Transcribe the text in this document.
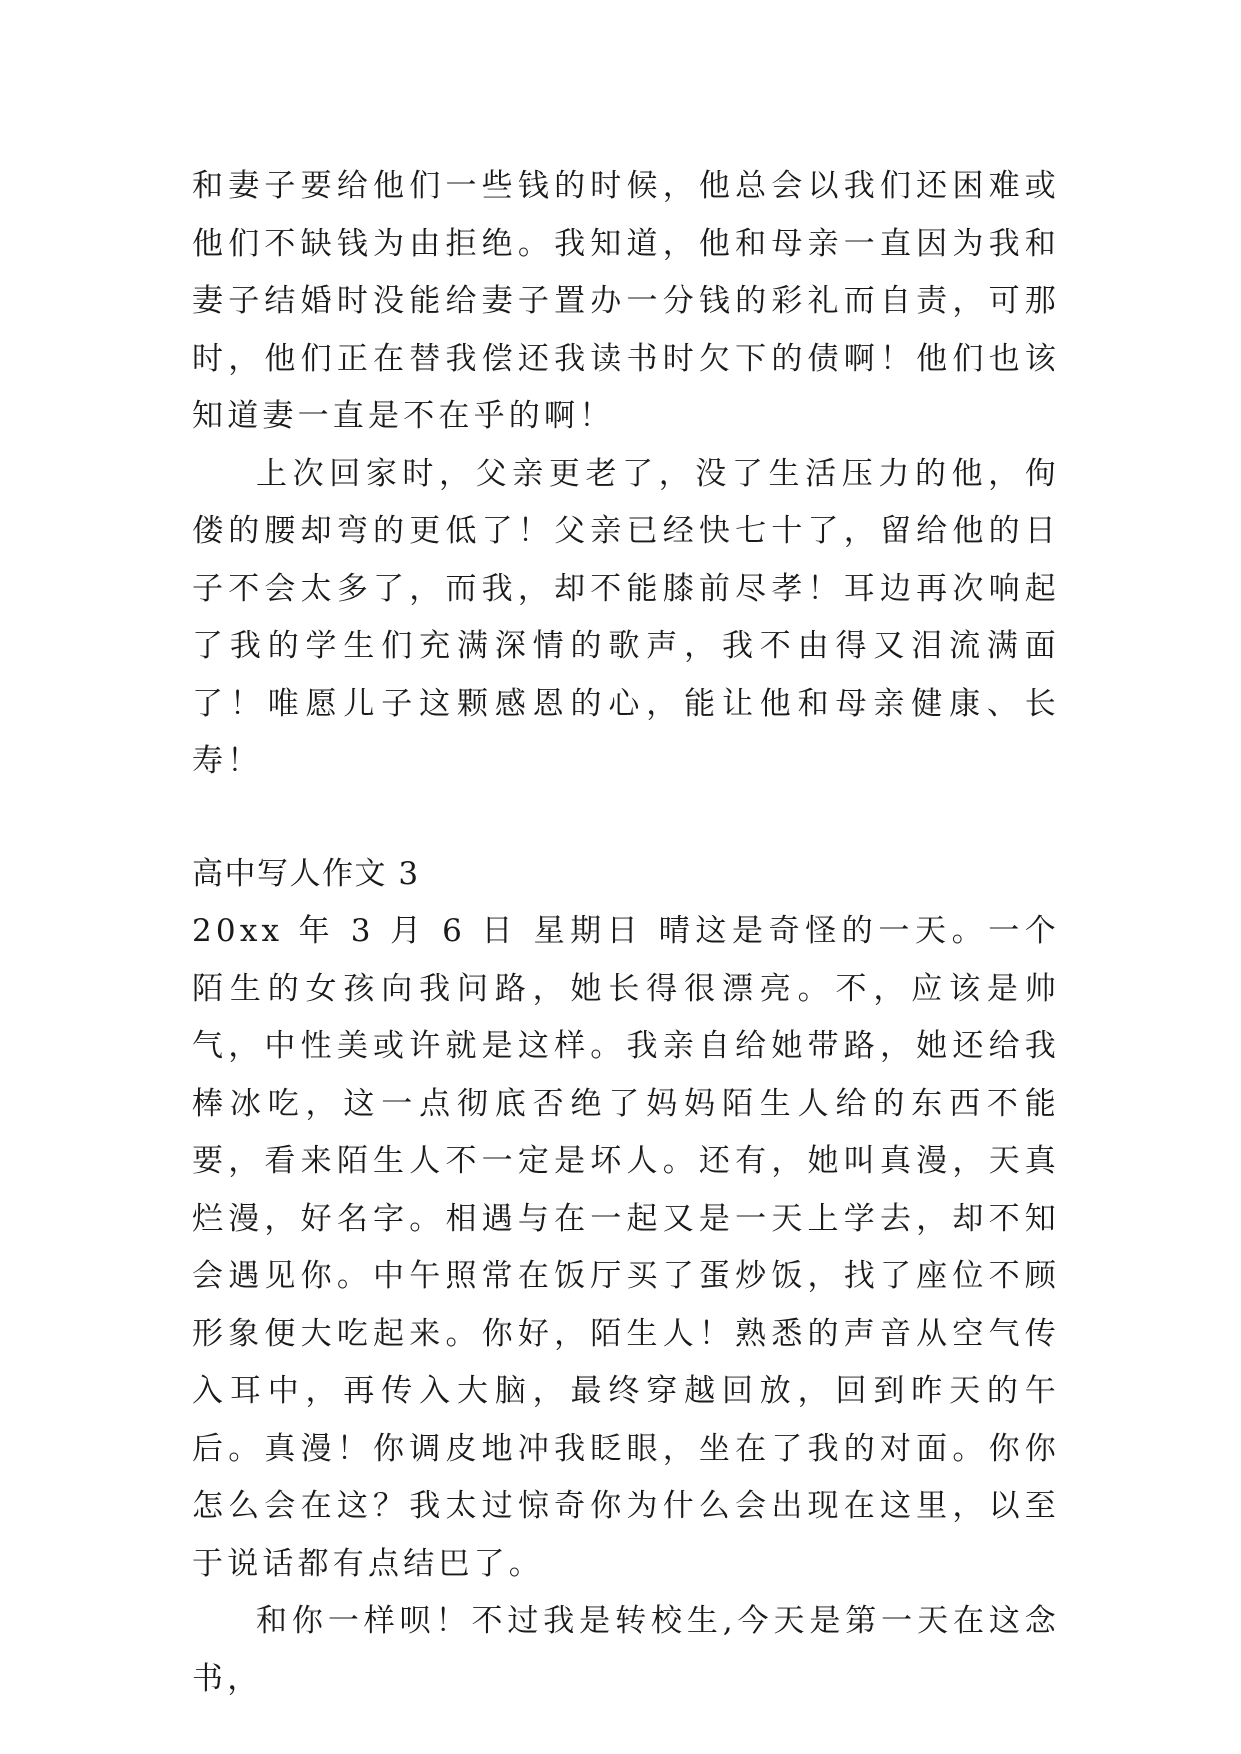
和妻子要给他们一些钱的时候，他总会以我们还困难或他们不缺钱为由拒绝。我知道，他和母亲一直因为我和妻子结婚时没能给妻子置办一分钱的彩礼而自责，可那时，他们正在替我偿还我读书时欠下的债啊！他们也该知道妻一直是不在乎的啊！

上次回家时，父亲更老了，没了生活压力的他，佝偻的腰却弯的更低了！父亲已经快七十了，留给他的日子不会太多了，而我，却不能膝前尽孝！耳边再次响起了我的学生们充满深情的歌声，我不由得又泪流满面了！唯愿儿子这颗感恩的心，能让他和母亲健康、长寿！

高中写人作文 3

20xx 年 3 月 6 日 星期日 晴这是奇怪的一天。一个陌生的女孩向我问路，她长得很漂亮。不，应该是帅气，中性美或许就是这样。我亲自给她带路，她还给我棒冰吃，这一点彻底否绝了妈妈陌生人给的东西不能要，看来陌生人不一定是坏人。还有，她叫真漫，天真烂漫，好名字。相遇与在一起又是一天上学去，却不知会遇见你。中午照常在饭厅买了蛋炒饭，找了座位不顾形象便大吃起来。你好，陌生人！熟悉的声音从空气传入耳中，再传入大脑，最终穿越回放，回到昨天的午后。真漫！你调皮地冲我眨眼，坐在了我的对面。你你怎么会在这？我太过惊奇你为什么会出现在这里，以至于说话都有点结巴了。

和你一样呗！不过我是转校生,今天是第一天在这念书，
